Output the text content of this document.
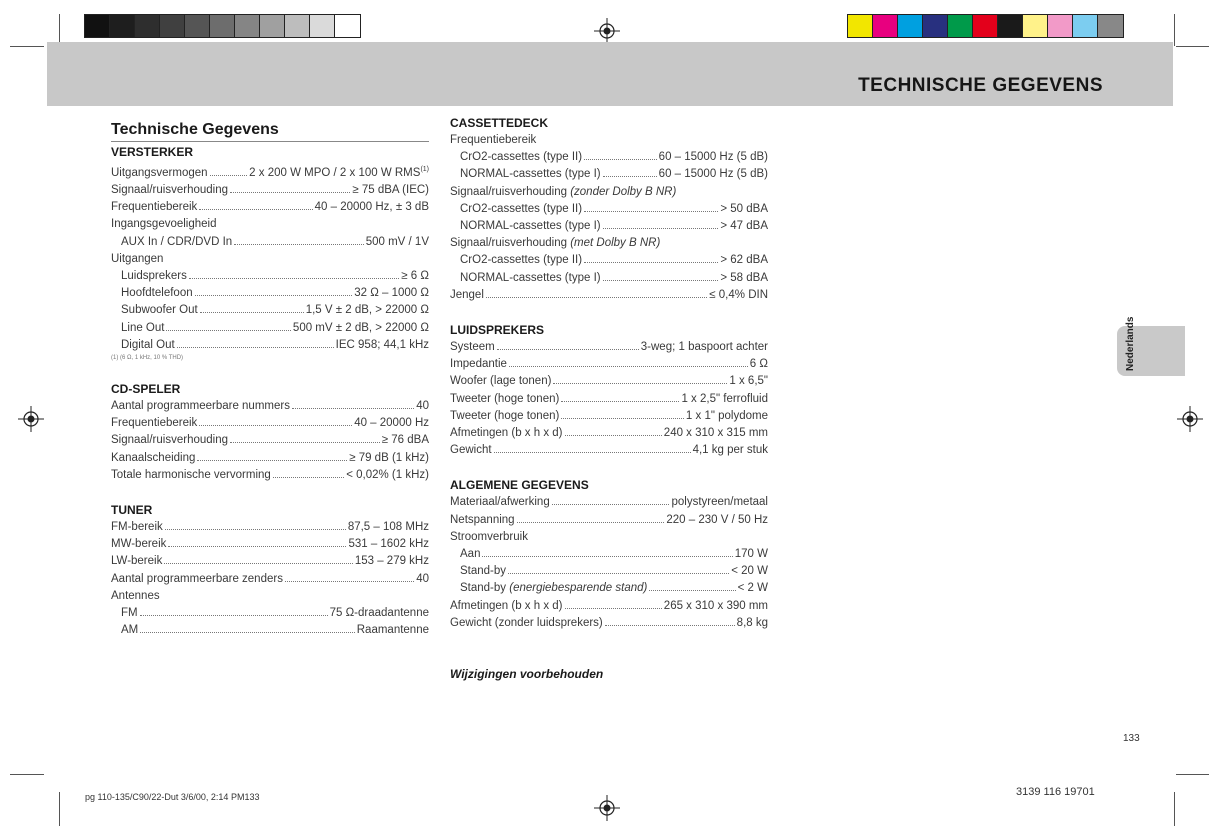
TECHNISCHE GEGEVENS
Nederlands
Technische Gegevens
VERSTERKER
Uitgangsvermogen	2 x 200 W MPO / 2 x 100 W RMS$^{(1)}$
Signaal/ruisverhouding	≥ 75 dBA (IEC)
Frequentiebereik	40 – 20000 Hz, ± 3 dB
Ingangsgevoeligheid
AUX In / CDR/DVD In	500 mV / 1V
Uitgangen
Luidsprekers	≥ 6 Ω
Hoofdtelefoon	32 Ω – 1000 Ω
Subwoofer Out	1,5 V ± 2 dB, > 22000 Ω
Line Out	500 mV ± 2 dB, > 22000 Ω
Digital Out	IEC 958; 44,1 kHz
(1) (6 Ω, 1 kHz, 10 % THD)
CD-SPELER
Aantal programmeerbare nummers	40
Frequentiebereik	40 – 20000 Hz
Signaal/ruisverhouding	≥ 76 dBA
Kanaalscheiding	≥ 79 dB (1 kHz)
Totale harmonische vervorming	< 0,02% (1 kHz)
TUNER
FM-bereik	87,5 – 108 MHz
MW-bereik	531 – 1602 kHz
LW-bereik	153 – 279 kHz
Aantal programmeerbare zenders	40
Antennes
FM	75 Ω-draadantenne
AM	Raamantenne
CASSETTEDECK
Frequentiebereik
CrO2-cassettes (type II)	60 – 15000 Hz (5 dB)
NORMAL-cassettes (type I)	60 – 15000 Hz (5 dB)
Signaal/ruisverhouding (zonder Dolby B NR)
CrO2-cassettes (type II)	> 50 dBA
NORMAL-cassettes (type I)	> 47 dBA
Signaal/ruisverhouding (met Dolby B NR)
CrO2-cassettes (type II)	> 62 dBA
NORMAL-cassettes (type I)	> 58 dBA
Jengel	≤ 0,4% DIN
LUIDSPREKERS
Systeem	3-weg; 1 baspoort achter
Impedantie	6 Ω
Woofer (lage tonen)	1 x 6,5"
Tweeter (hoge tonen)	1 x 2,5" ferrofluid
Tweeter (hoge tonen)	1 x 1" polydome
Afmetingen (b x h x d)	240 x 310 x 315 mm
Gewicht	4,1 kg per stuk
ALGEMENE GEGEVENS
Materiaal/afwerking	polystyreen/metaal
Netspanning	220 – 230 V / 50 Hz
Stroomverbruik
Aan	170 W
Stand-by	< 20 W
Stand-by (energiebesparende stand)	< 2 W
Afmetingen (b x h x d)	265 x 310 x 390 mm
Gewicht (zonder luidsprekers)	8,8 kg
Wijzigingen voorbehouden
133
pg 110-135/C90/22-Dut 3/6/00, 2:14 PM133	3139 116 19701
